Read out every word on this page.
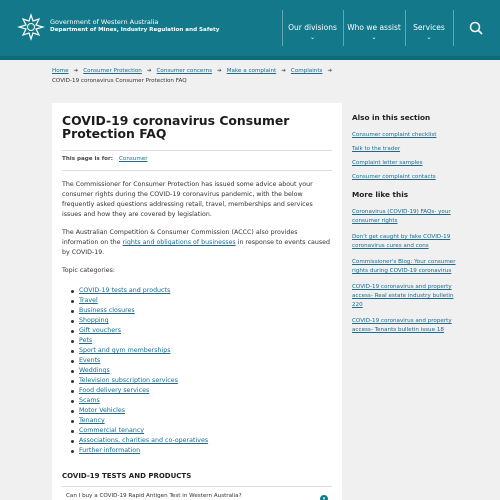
Government of Western Australia
Department of Mines, Industry Regulation and Safety	Our divisions
⌄
Who we assist
⌄
Services
⌄
Home ➔ Consumer Protection ➔ Consumer concerns ➔ Make a complaint ➔ Complaints ➔
COVID-19 coronavirus Consumer Protection FAQ
COVID-19 coronavirus Consumer Protection FAQ
This page is for: Consumer

The Commissioner for Consumer Protection has issued some advice about your consumer rights during the COVID-19 coronavirus pandemic, with the below frequently asked questions addressing retail, travel, memberships and services issues and how they are covered by legislation.

The Australian Competition & Consumer Commission (ACCC) also provides information on the rights and obligations of businesses in response to events caused by COVID-19.

Topic categories:

COVID-19 tests and products
Travel
Business closures
Shopping
Gift vouchers
Pets
Sport and gym memberships
Events
Weddings
Television subscription services
Food delivery services
Scams
Motor Vehicles
Tenancy
Commercial tenancy
Associations, charities and co-operatives
Further information
COVID-19 TESTS AND PRODUCTS
Can I buy a COVID-19 Rapid Antigen Test in Western Australia?	▾
Also in this section
Consumer complaint checklist
Talk to the trader
Complaint letter samples
Consumer complaint contacts
More like this
Coronavirus (COVID-19) FAQs- your consumer rights
Don't get caught by fake COVID-19 coronavirus cures and cons
Commissioner's Blog: Your consumer rights during COVID-19 coronavirus
COVID-19 coronavirus and property access- Real estate industry bulletin 220
COVID-19 coronavirus and property access- Tenants bulletin issue 18
